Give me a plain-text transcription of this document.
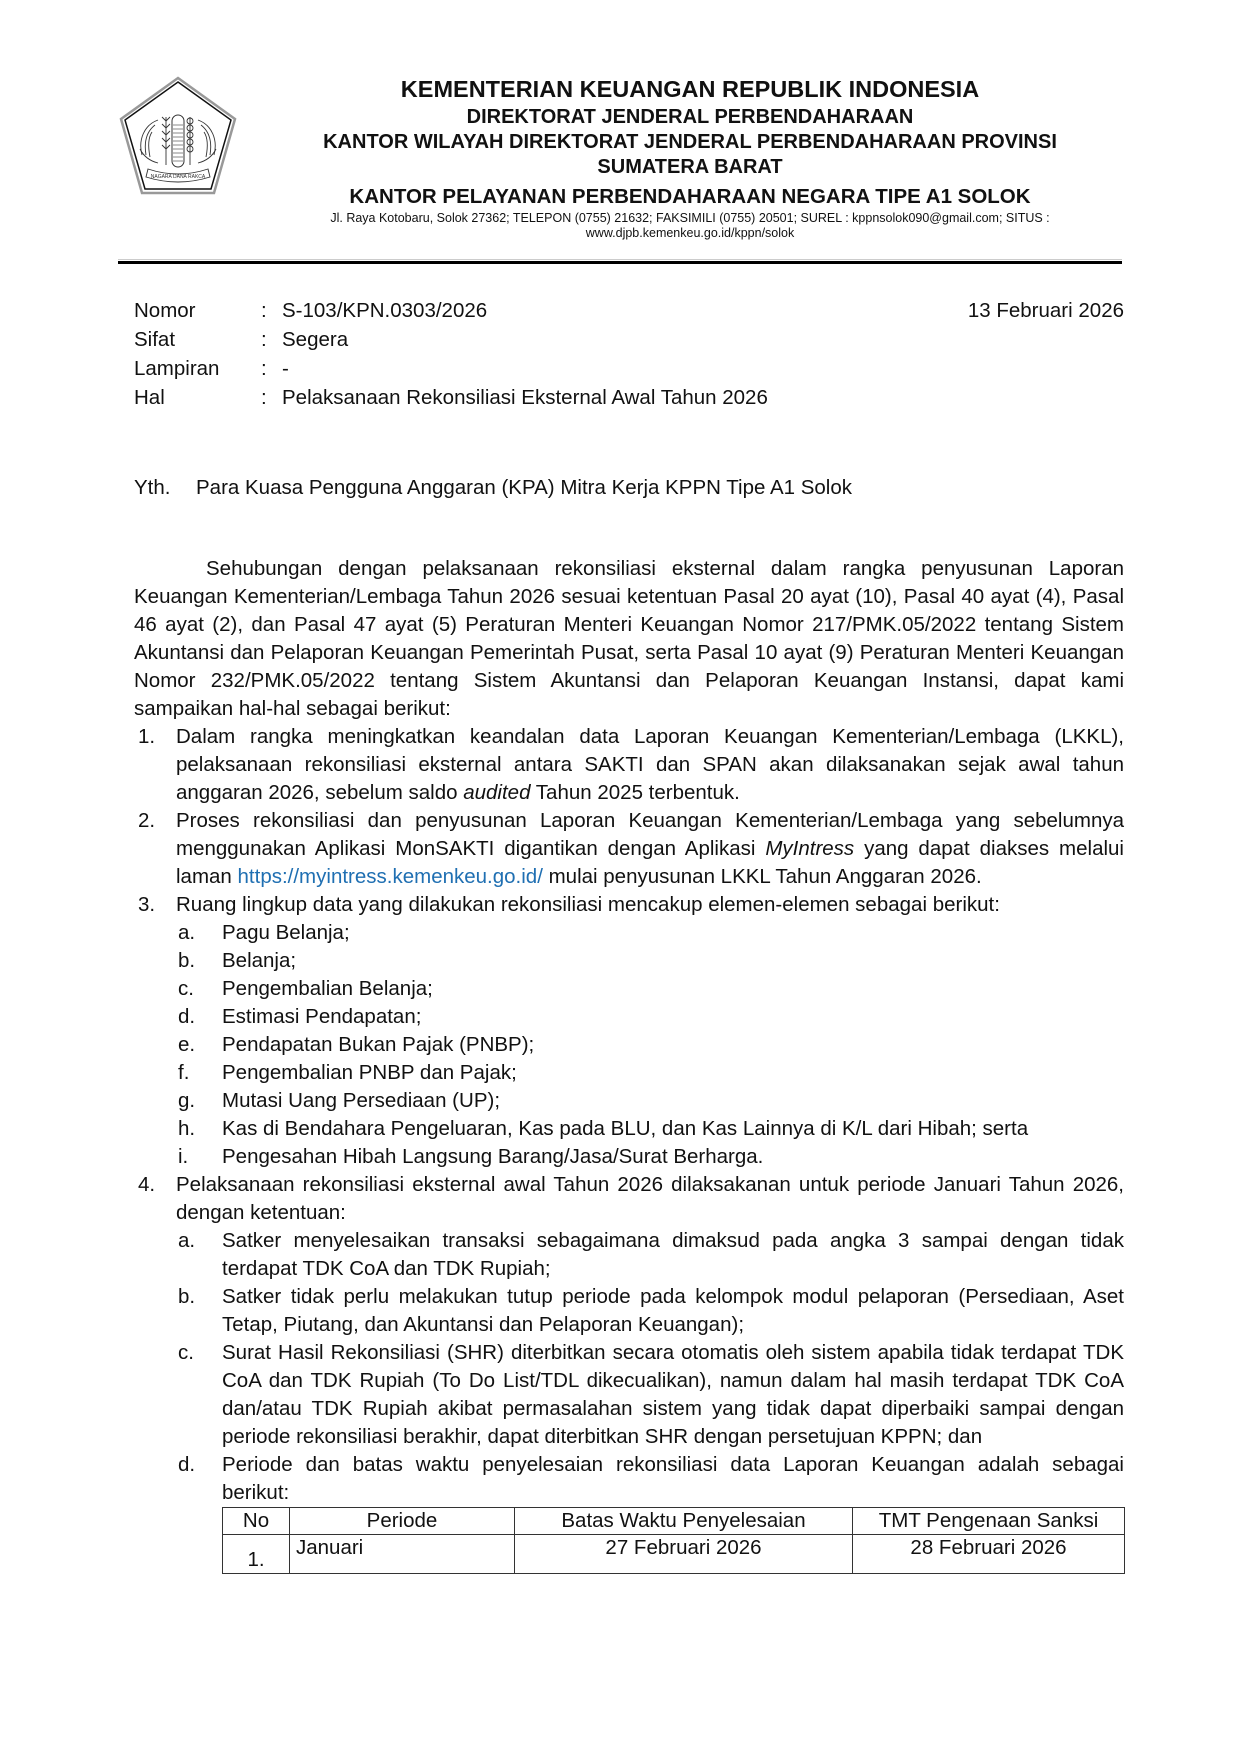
NAGARA DANA RAKCA
KEMENTERIAN KEUANGAN REPUBLIK INDONESIA
DIREKTORAT JENDERAL PERBENDAHARAAN
KANTOR WILAYAH DIREKTORAT JENDERAL PERBENDAHARAAN PROVINSI
SUMATERA BARAT
KANTOR PELAYANAN PERBENDAHARAAN NEGARA TIPE A1 SOLOK
Jl. Raya Kotobaru, Solok 27362; TELEPON (0755) 21632; FAKSIMILI (0755) 20501; SUREL : kppnsolok090@gmail.com; SITUS : www.djpb.kemenkeu.go.id/kppn/solok
Nomor	: S-103/KPN.0303/2026	13 Februari 2026
Sifat	: Segera
Lampiran : -
Hal	: Pelaksanaan Rekonsiliasi Eksternal Awal Tahun 2026
Yth. Para Kuasa Pengguna Anggaran (KPA) Mitra Kerja KPPN Tipe A1 Solok
Sehubungan dengan pelaksanaan rekonsiliasi eksternal dalam rangka penyusunan Laporan Keuangan Kementerian/Lembaga Tahun 2026 sesuai ketentuan Pasal 20 ayat (10), Pasal 40 ayat (4), Pasal 46 ayat (2), dan Pasal 47 ayat (5) Peraturan Menteri Keuangan Nomor 217/PMK.05/2022 tentang Sistem Akuntansi dan Pelaporan Keuangan Pemerintah Pusat, serta Pasal 10 ayat (9) Peraturan Menteri Keuangan Nomor 232/PMK.05/2022 tentang Sistem Akuntansi dan Pelaporan Keuangan Instansi, dapat kami sampaikan hal-hal sebagai berikut:
1. Dalam rangka meningkatkan keandalan data Laporan Keuangan Kementerian/Lembaga (LKKL), pelaksanaan rekonsiliasi eksternal antara SAKTI dan SPAN akan dilaksanakan sejak awal tahun anggaran 2026, sebelum saldo audited Tahun 2025 terbentuk.
2. Proses rekonsiliasi dan penyusunan Laporan Keuangan Kementerian/Lembaga yang sebelumnya menggunakan Aplikasi MonSAKTI digantikan dengan Aplikasi MyIntress yang dapat diakses melalui laman https://myintress.kemenkeu.go.id/ mulai penyusunan LKKL Tahun Anggaran 2026.
3. Ruang lingkup data yang dilakukan rekonsiliasi mencakup elemen-elemen sebagai berikut:
a. Pagu Belanja;
b. Belanja;
c. Pengembalian Belanja;
d. Estimasi Pendapatan;
e. Pendapatan Bukan Pajak (PNBP);
f. Pengembalian PNBP dan Pajak;
g. Mutasi Uang Persediaan (UP);
h. Kas di Bendahara Pengeluaran, Kas pada BLU, dan Kas Lainnya di K/L dari Hibah; serta
i. Pengesahan Hibah Langsung Barang/Jasa/Surat Berharga.
4. Pelaksanaan rekonsiliasi eksternal awal Tahun 2026 dilaksakanan untuk periode Januari Tahun 2026, dengan ketentuan:
a. Satker menyelesaikan transaksi sebagaimana dimaksud pada angka 3 sampai dengan tidak terdapat TDK CoA dan TDK Rupiah;
b. Satker tidak perlu melakukan tutup periode pada kelompok modul pelaporan (Persediaan, Aset Tetap, Piutang, dan Akuntansi dan Pelaporan Keuangan);
c. Surat Hasil Rekonsiliasi (SHR) diterbitkan secara otomatis oleh sistem apabila tidak terdapat TDK CoA dan TDK Rupiah (To Do List/TDL dikecualikan), namun dalam hal masih terdapat TDK CoA dan/atau TDK Rupiah akibat permasalahan sistem yang tidak dapat diperbaiki sampai dengan periode rekonsiliasi berakhir, dapat diterbitkan SHR dengan persetujuan KPPN; dan
d. Periode dan batas waktu penyelesaian rekonsiliasi data Laporan Keuangan adalah sebagai berikut:
No	Periode	Batas Waktu Penyelesaian	TMT Pengenaan Sanksi
1.	Januari	27 Februari 2026	28 Februari 2026
